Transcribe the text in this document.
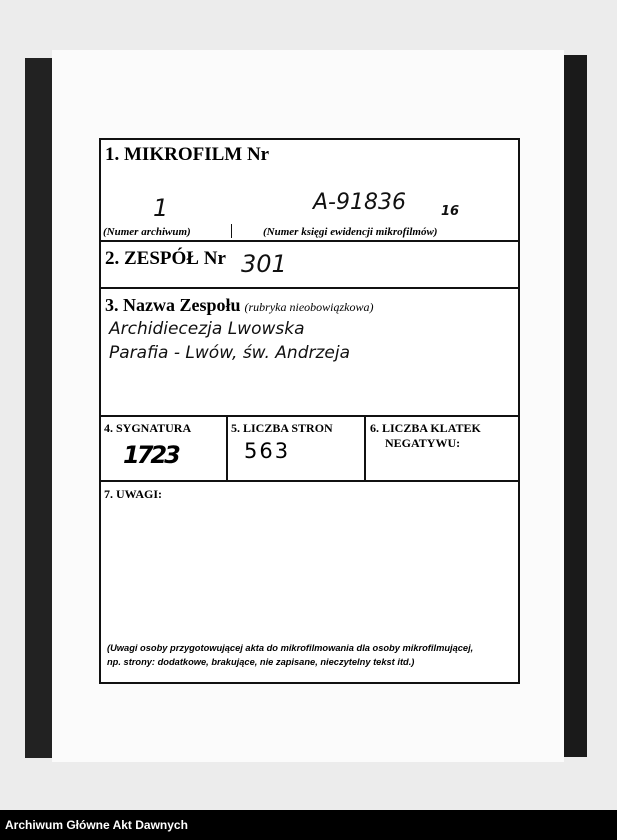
1. MIKROFILM Nr
1	A-91836	16
(Numer archiwum)	(Numer księgi ewidencji mikrofilmów)
2. ZESPÓŁ Nr 301
3. Nazwa Zespołu (rubryka nieobowiązkowa)
Archidiecezja Lwowska
Parafia - Lwów, św. Andrzeja
4. SYGNATURA
1723
5. LICZBA STRON
563
6. LICZBA KLATEK
NEGATYWU:
7. UWAGI:
(Uwagi osoby przygotowującej akta do mikrofilmowania dla osoby mikrofilmującej,
np. strony: dodatkowe, brakujące, nie zapisane, nieczytelny tekst itd.)
Archiwum Główne Akt Dawnych
